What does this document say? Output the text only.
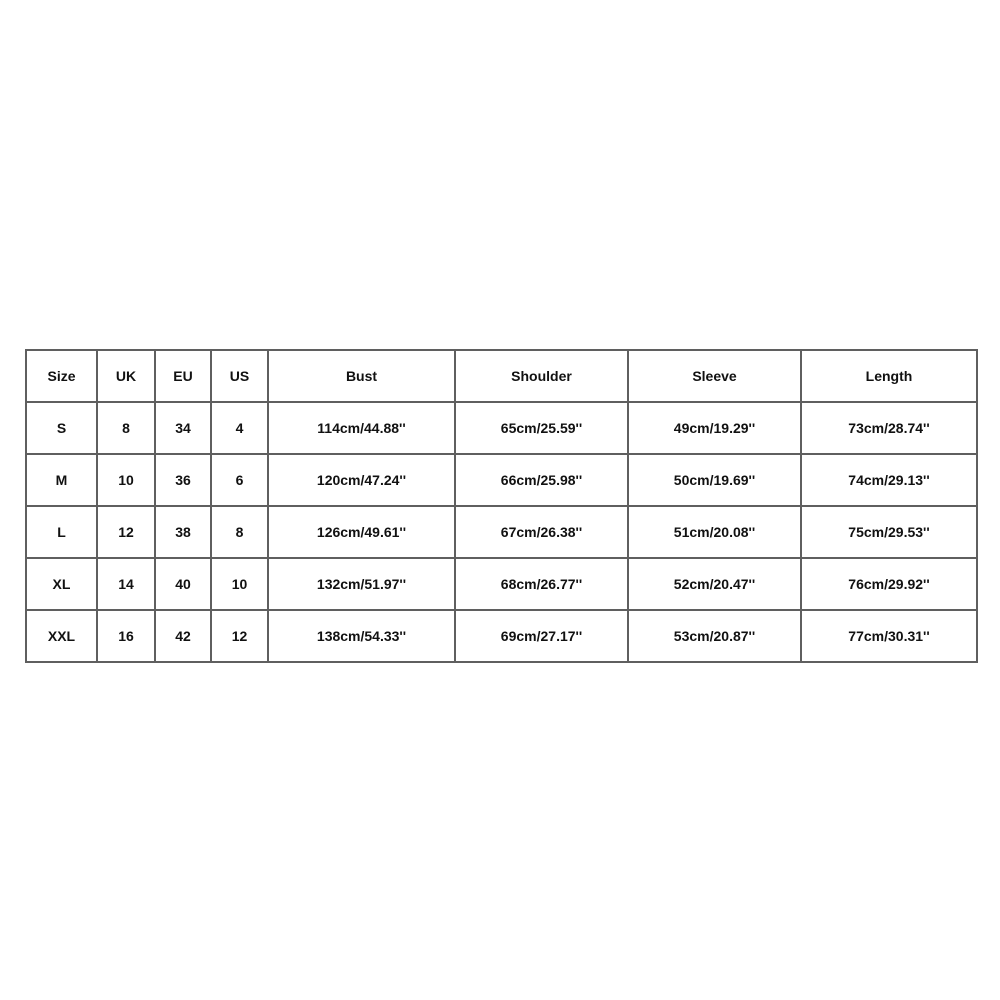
Size	UK	EU	US	Bust	Shoulder	Sleeve	Length
S	8	34	4	114cm/44.88''	65cm/25.59''	49cm/19.29''	73cm/28.74''
M	10	36	6	120cm/47.24''	66cm/25.98''	50cm/19.69''	74cm/29.13''
L	12	38	8	126cm/49.61''	67cm/26.38''	51cm/20.08''	75cm/29.53''
XL	14	40	10	132cm/51.97''	68cm/26.77''	52cm/20.47''	76cm/29.92''
XXL	16	42	12	138cm/54.33''	69cm/27.17''	53cm/20.87''	77cm/30.31''
